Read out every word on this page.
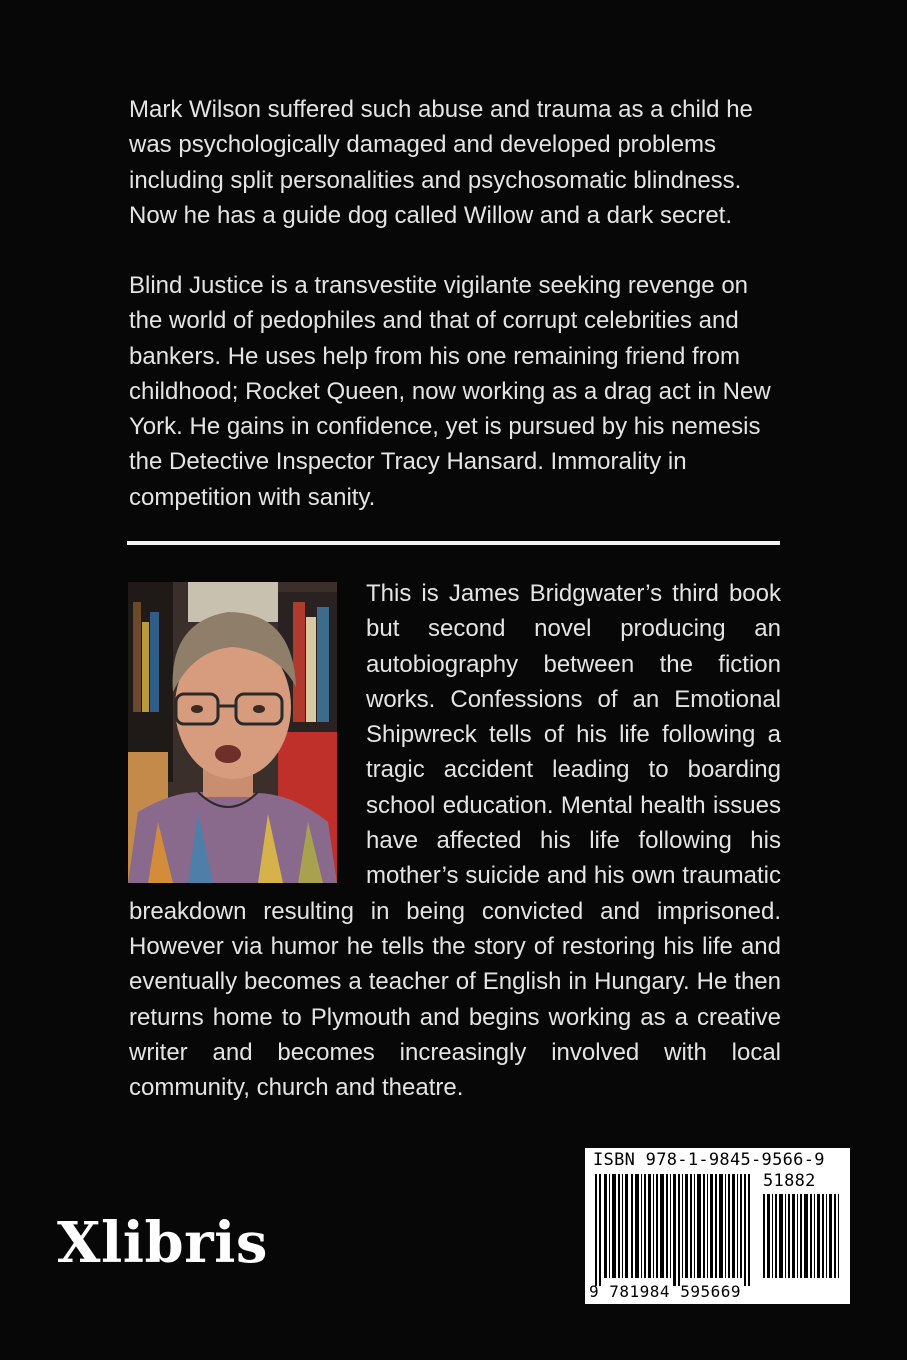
Mark Wilson suffered such abuse and trauma as a child he was psychologically damaged and developed problems including split personalities and psychosomatic blindness. Now he has a guide dog called Willow and a dark secret.

Blind Justice is a transvestite vigilante seeking revenge on the world of pedophiles and that of corrupt celebrities and bankers. He uses help from his one remaining friend from childhood; Rocket Queen, now working as a drag act in New York. He gains in confidence, yet is pursued by his nemesis the Detective Inspector Tracy Hansard. Immorality in competition with sanity.

This is James Bridgwater’s third book but second novel producing an autobiography between the fiction works. Confessions of an Emotional Shipwreck tells of his life following a tragic accident leading to boarding school education. Mental health issues have affected his life following his mother’s suicide and his own traumatic breakdown resulting in being convicted and imprisoned. However via humor he tells the story of restoring his life and eventually becomes a teacher of English in Hungary. He then returns home to Plymouth and begins working as a creative writer and becomes increasingly involved with local community, church and theatre.
Xlibris
ISBN 978-1-9845-9566-9
51882
9 781984 595669
